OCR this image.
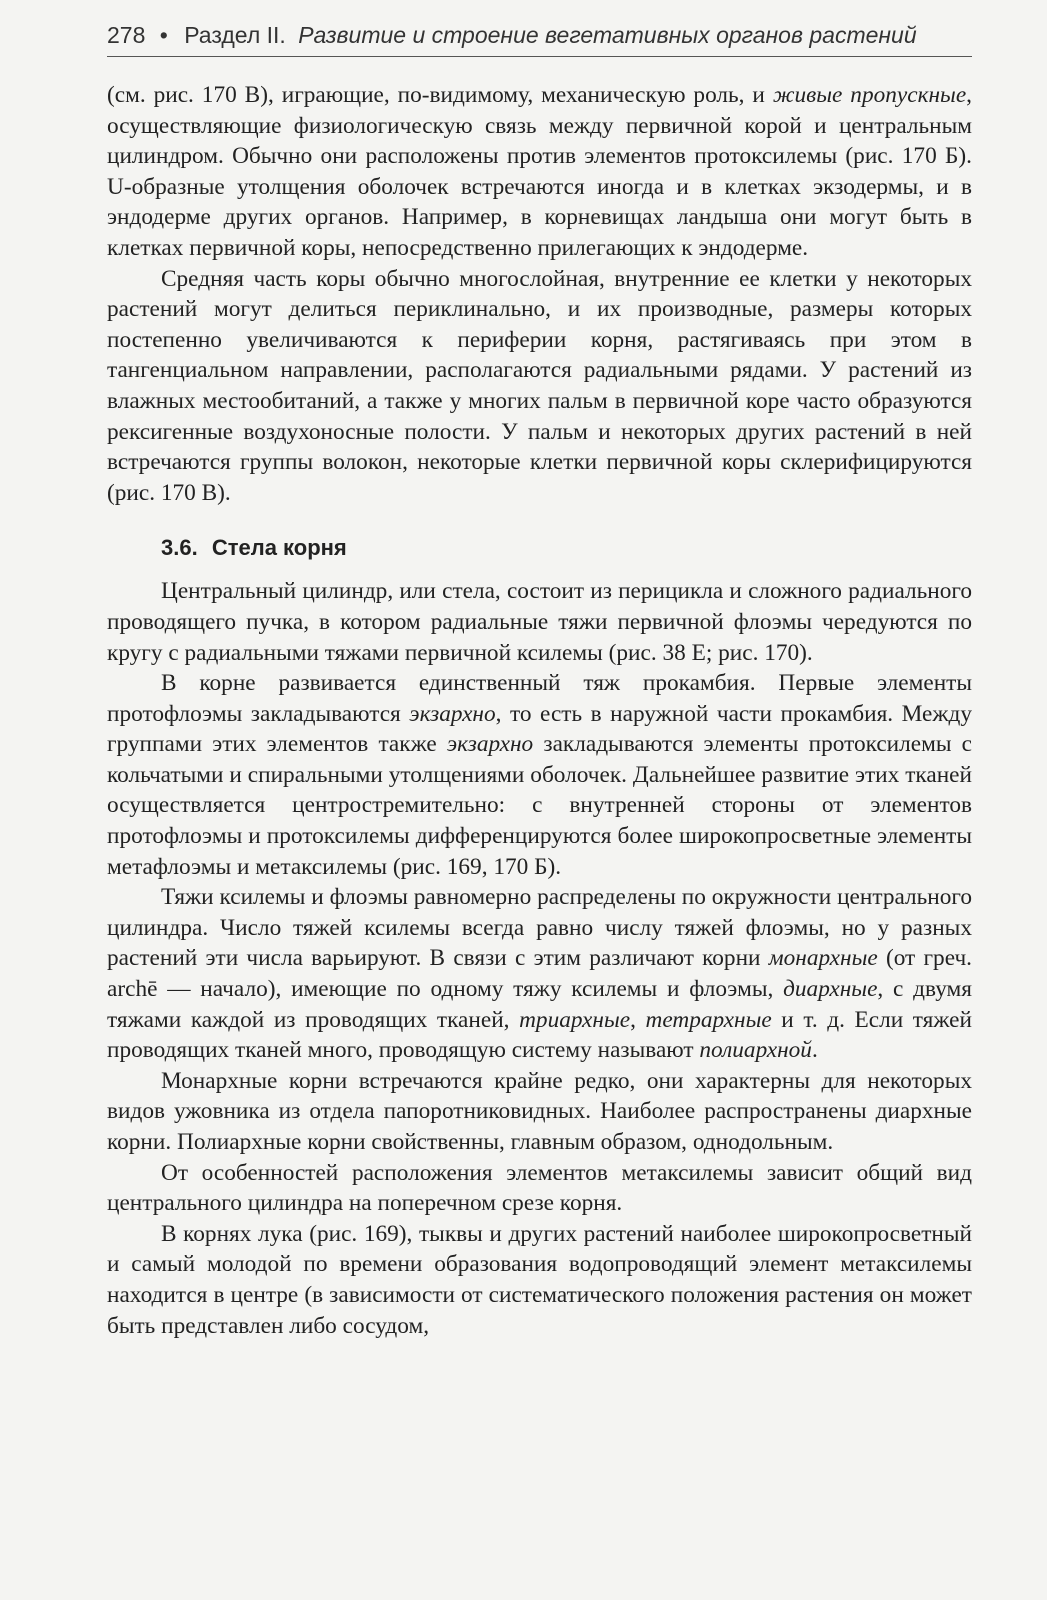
278 • Раздел II. Развитие и строение вегетативных органов растений

(см. рис. 170 В), играющие, по-видимому, механическую роль, и живые пропускные, осуществляющие физиологическую связь между первичной корой и центральным цилиндром. Обычно они расположены против элементов протоксилемы (рис. 170 Б). U-образные утолщения оболочек встречаются иногда и в клетках экзодермы, и в эндодерме других органов. Например, в корневищах ландыша они могут быть в клетках первичной коры, непосредственно прилегающих к эндодерме.

Средняя часть коры обычно многослойная, внутренние ее клетки у некоторых растений могут делиться периклинально, и их производные, размеры которых постепенно увеличиваются к периферии корня, растягиваясь при этом в тангенциальном направлении, располагаются радиальными рядами. У растений из влажных местообитаний, а также у многих пальм в первичной коре часто образуются рексигенные воздухоносные полости. У пальм и некоторых других растений в ней встречаются группы волокон, некоторые клетки первичной коры склерифицируются (рис. 170 В).

3.6. Стела корня

Центральный цилиндр, или стела, состоит из перицикла и сложного радиального проводящего пучка, в котором радиальные тяжи первичной флоэмы чередуются по кругу с радиальными тяжами первичной ксилемы (рис. 38 Е; рис. 170).

В корне развивается единственный тяж прокамбия. Первые элементы протофлоэмы закладываются экзархно, то есть в наружной части прокамбия. Между группами этих элементов также экзархно закладываются элементы протоксилемы с кольчатыми и спиральными утолщениями оболочек. Дальнейшее развитие этих тканей осуществляется центростремительно: с внутренней стороны от элементов протофлоэмы и протоксилемы дифференцируются более широкопросветные элементы метафлоэмы и метаксилемы (рис. 169, 170 Б).

Тяжи ксилемы и флоэмы равномерно распределены по окружности центрального цилиндра. Число тяжей ксилемы всегда равно числу тяжей флоэмы, но у разных растений эти числа варьируют. В связи с этим различают корни монархные (от греч. archē — начало), имеющие по одному тяжу ксилемы и флоэмы, диархные, с двумя тяжами каждой из проводящих тканей, триархные, тетрархные и т. д. Если тяжей проводящих тканей много, проводящую систему называют полиархной.

Монархные корни встречаются крайне редко, они характерны для некоторых видов ужовника из отдела папоротниковидных. Наиболее распространены диархные корни. Полиархные корни свойственны, главным образом, однодольным.

От особенностей расположения элементов метаксилемы зависит общий вид центрального цилиндра на поперечном срезе корня.

В корнях лука (рис. 169), тыквы и других растений наиболее широкопросветный и самый молодой по времени образования водопроводящий элемент метаксилемы находится в центре (в зависимости от систематического положения растения он может быть представлен либо сосудом,
